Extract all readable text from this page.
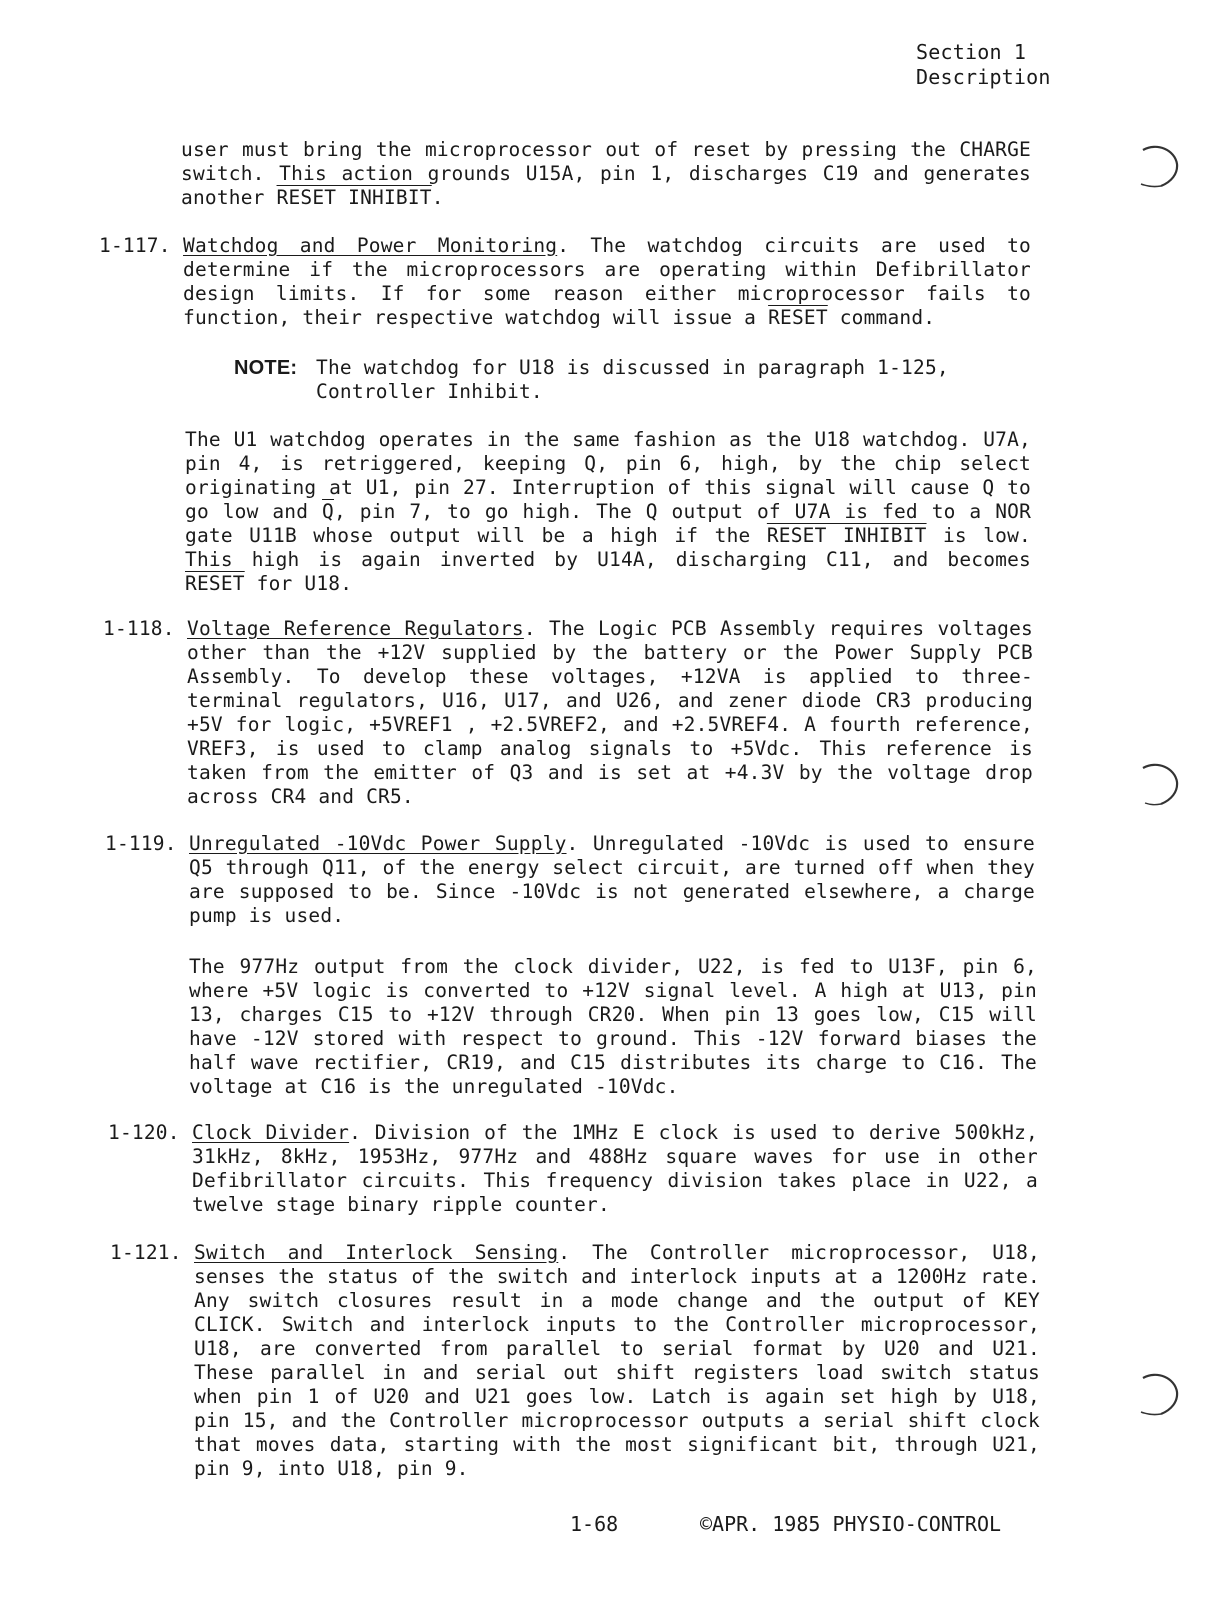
Section 1
Description
user must bring the microprocessor out of reset by pressing the CHARGE switch. This action grounds U15A, pin 1, discharges C19 and generates another RESET INHIBIT.
1-117. Watchdog and Power Monitoring. The watchdog circuits are used to determine if the microprocessors are operating within Defibrillator design limits. If for some reason either microprocessor fails to function, their respective watchdog will issue a RESET command.
NOTE: The watchdog for U18 is discussed in paragraph 1-125, Controller Inhibit.
The U1 watchdog operates in the same fashion as the U18 watchdog. U7A, pin 4, is retriggered, keeping Q, pin 6, high, by the chip select originating at U1, pin 27. Interruption of this signal will cause Q to go low and $\overline{Q}$, pin 7, to go high. The Q output of U7A is fed to a NOR gate U11B whose output will be a high if the RESET INHIBIT is low. This high is again inverted by U14A, discharging C11, and becomes RESET for U18.
1-118. Voltage Reference Regulators. The Logic PCB Assembly requires voltages other than the +12V supplied by the battery or the Power Supply PCB Assembly. To develop these voltages, +12VA is applied to three-terminal regulators, U16, U17, and U26, and zener diode CR3 producing +5V for logic, +5VREF1 , +2.5VREF2, and +2.5VREF4. A fourth reference, VREF3, is used to clamp analog signals to +5Vdc. This reference is taken from the emitter of Q3 and is set at +4.3V by the voltage drop across CR4 and CR5.
1-119. Unregulated -10Vdc Power Supply. Unregulated -10Vdc is used to ensure Q5 through Q11, of the energy select circuit, are turned off when they are supposed to be. Since -10Vdc is not generated elsewhere, a charge pump is used.
The 977Hz output from the clock divider, U22, is fed to U13F, pin 6, where +5V logic is converted to +12V signal level. A high at U13, pin 13, charges C15 to +12V through CR20. When pin 13 goes low, C15 will have -12V stored with respect to ground. This -12V forward biases the half wave rectifier, CR19, and C15 distributes its charge to C16. The voltage at C16 is the unregulated -10Vdc.
1-120. Clock Divider. Division of the 1MHz E clock is used to derive 500kHz, 31kHz, 8kHz, 1953Hz, 977Hz and 488Hz square waves for use in other Defibrillator circuits. This frequency division takes place in U22, a twelve stage binary ripple counter.
1-121. Switch and Interlock Sensing. The Controller microprocessor, U18, senses the status of the switch and interlock inputs at a 1200Hz rate. Any switch closures result in a mode change and the output of KEY CLICK. Switch and interlock inputs to the Controller microprocessor, U18, are converted from parallel to serial format by U20 and U21. These parallel in and serial out shift registers load switch status when pin 1 of U20 and U21 goes low. Latch is again set high by U18, pin 15, and the Controller microprocessor outputs a serial shift clock that moves data, starting with the most significant bit, through U21, pin 9, into U18, pin 9.
1-68	©APR. 1985 PHYSIO-CONTROL
